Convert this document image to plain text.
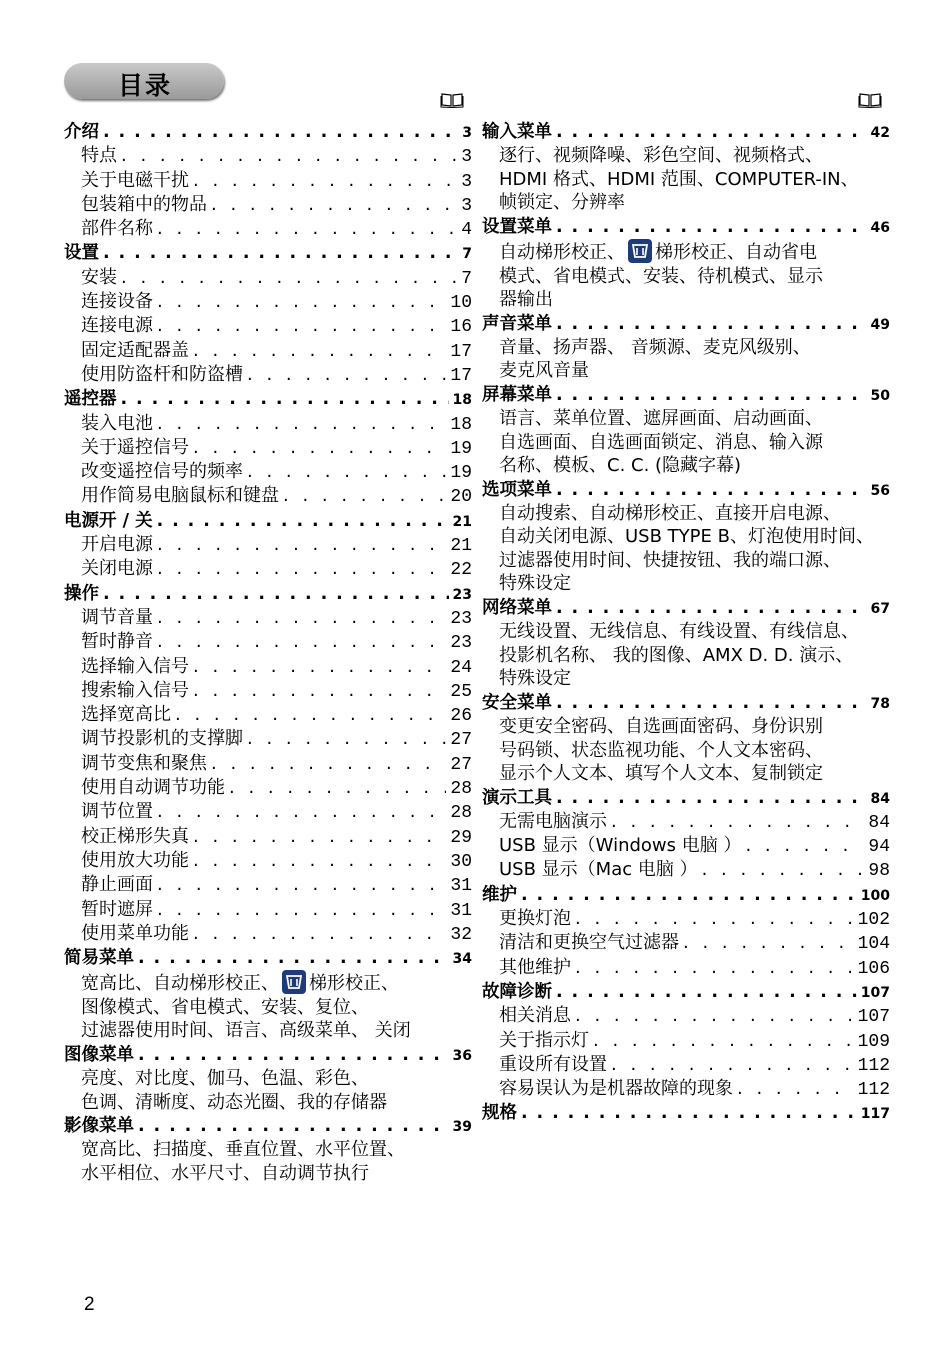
目录
介绍 . . .	3
特点 . .	3
关于电磁干扰 . .	3
包装箱中的物品 . .	3
部件名称 . .	4
设置 . . .	7
安装 . .	7
连接设备 . .	10
连接电源 . .	16
固定适配器盖 . .	17
使用防盗杆和防盗槽 . .	17
遥控器 . . .	18
装入电池 . .	18
关于遥控信号 . .	19
改变遥控信号的频率 . .	19
用作简易电脑鼠标和键盘 . .	20
电源开 / 关 . . .	21
开启电源 . .	21
关闭电源 . .	22
操作 . . .	23
调节音量 . .	23
暂时静音 . .	23
选择输入信号 . .	24
搜索输入信号 . .	25
选择宽高比 . .	26
调节投影机的支撑脚 . .	27
调节变焦和聚焦 . .	27
使用自动调节功能 . .	28
调节位置 . .	28
校正梯形失真 . .	29
使用放大功能 . .	30
静止画面 . .	31
暂时遮屏 . .	31
使用菜单功能 . .	32
简易菜单 . . .	34
宽高比、自动梯形校正、 梯形校正、
图像模式、省电模式、安装、复位、
过滤器使用时间、语言、高级菜单、 关闭
图像菜单 . . .	36
亮度、对比度、伽马、色温、彩色、
色调、清晰度、动态光圈、我的存储器
影像菜单 . . .	39
宽高比、扫描度、垂直位置、水平位置、
水平相位、水平尺寸、自动调节执行
输入菜单 . . .	42
逐行、视频降噪、彩色空间、视频格式、
HDMI 格式、HDMI 范围、COMPUTER-IN、
帧锁定、分辨率
设置菜单 . . .	46
自动梯形校正、 梯形校正、自动省电
模式、省电模式、安装、待机模式、显示
器输出
声音菜单 . . .	49
音量、扬声器、 音频源、麦克风级别、
麦克风音量
屏幕菜单 . . .	50
语言、菜单位置、遮屏画面、启动画面、
自选画面、自选画面锁定、消息、输入源
名称、模板、C. C. (隐藏字幕)
选项菜单 . . .	56
自动搜索、自动梯形校正、直接开启电源、
自动关闭电源、USB TYPE B、灯泡使用时间、
过滤器使用时间、快捷按钮、我的端口源、
特殊设定
网络菜单 . . .	67
无线设置、无线信息、有线设置、有线信息、
投影机名称、 我的图像、AMX D. D. 演示、
特殊设定
安全菜单 . . .	78
变更安全密码、自选画面密码、身份识别
号码锁、状态监视功能、个人文本密码、
显示个人文本、填写个人文本、复制锁定
演示工具 . . .	84
无需电脑演示 . .	84
USB 显示（Windows 电脑 ） . .	94
USB 显示（Mac 电脑 ） . .	98
维护 . . .	100
更换灯泡 . .	102
清洁和更换空气过滤器 . .	104
其他维护 . .	106
故障诊断 . . .	107
相关消息 . .	107
关于指示灯 . .	109
重设所有设置 . .	112
容易误认为是机器故障的现象 . .	112
规格 . . .	117
2
